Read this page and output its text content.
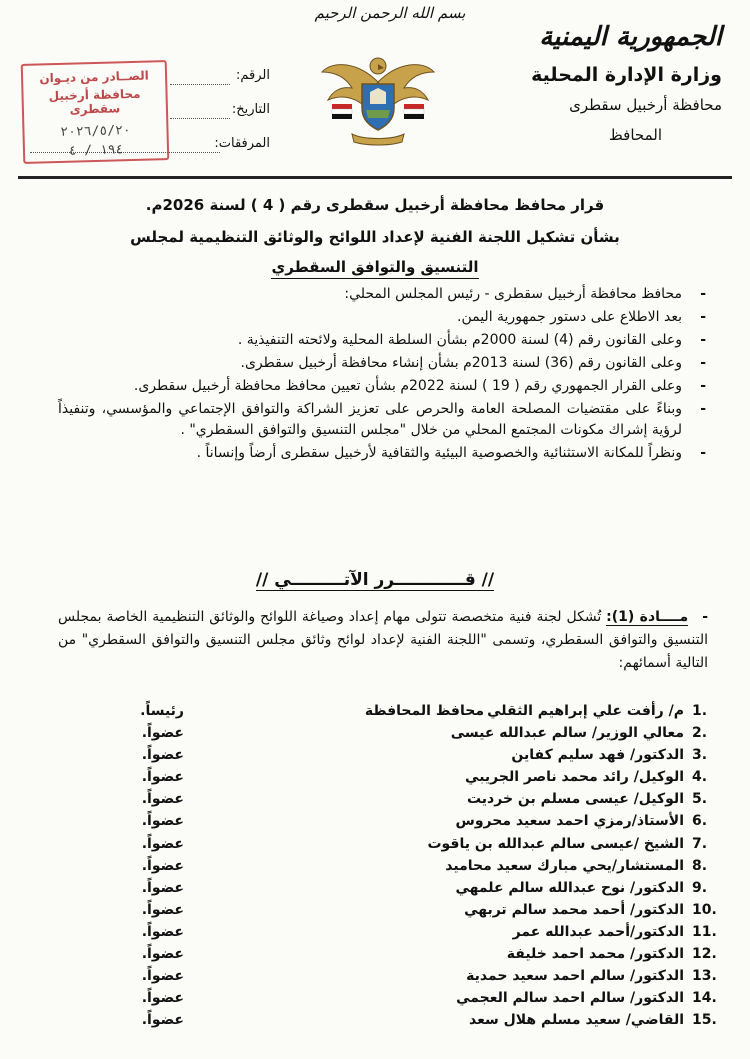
الجمهورية اليمنية
وزارة الإدارة المحلية
محافظة أرخبيل سقطرى
المحافظ
بسم الله الرحمن الرحيم
الرقم:
التاريخ:
المرفقات:
الصــادر من ديـوان
محافظة أرخبيل سقطرى
٢٠٢٦/٥/٢٠
١٩٤ / ٤
قرار محافظ محافظة أرخبيل سقطرى رقم ( 4 ) لسنة 2026م.
بشأن تشكيل اللجنة الفنية لإعداد اللوائح والوثائق التنظيمية لمجلس
التنسيق والتوافق السقطري
- محافظ محافظة أرخبيل سقطرى - رئيس المجلس المحلي:
- بعد الاطلاع على دستور جمهورية اليمن.
- وعلى القانون رقم (4) لسنة 2000م بشأن السلطة المحلية ولائحته التنفيذية .
- وعلى القانون رقم (36) لسنة 2013م بشأن إنشاء محافظة أرخبيل سقطرى.
- وعلى القرار الجمهوري رقم ( 19 ) لسنة 2022م بشأن تعيين محافظ محافظة أرخبيل سقطرى.
- وبناءً على مقتضيات المصلحة العامة والحرص على تعزيز الشراكة والتوافق الإجتماعي والمؤسسي، وتنفيذاً لرؤية إشراك مكونات المجتمع المحلي من خلال "مجلس التنسيق والتوافق السقطري" .
- ونظراً للمكانة الاستثنائية والخصوصية البيئية والثقافية لأرخبيل سقطرى أرضاً وإنساناً .
// قــــــــــــرر الآتـــــــــي //
-مــــادة (1): تُشكل لجنة فنية متخصصة تتولى مهام إعداد وصياغة اللوائح والوثائق التنظيمية الخاصة بمجلس التنسيق والتوافق السقطري، وتسمى "اللجنة الفنية لإعداد لوائح وثائق مجلس التنسيق والتوافق السقطري" من التالية أسمائهم:
1.
م/ رأفت علي إبراهيم الثقلي
محافظ المحافظة
رئيساً.
2.
معالي الوزير/ سالم عبدالله عيسى
عضواً.
3.
الدكتور/ فهد سليم كفاين
عضواً.
4.
الوكيل/ رائد محمد ناصر الجريبي
عضواً.
5.
الوكيل/ عيسى مسلم بن خرديت
عضواً.
6.
الأستاذ/رمزي احمد سعيد محروس
عضواً.
7.
الشيخ /عيسى سالم عبدالله بن ياقوت
عضواً.
8.
المستشار/يحي مبارك سعيد محاميد
عضواً.
9.
الدكتور/ نوح عبدالله سالم علمهي
عضواً.
10.
الدكتور/ أحمد محمد سالم تربهي
عضواً.
11.
الدكتور/أحمد عبدالله عمر
عضواً.
12.
الدكتور/ محمد احمد خليفة
عضواً.
13.
الدكتور/ سالم احمد سعيد حمدية
عضواً.
14.
الدكتور/ سالم احمد سالم العجمي
عضواً.
15.
القاضي/ سعيد مسلم هلال سعد
عضواً.
